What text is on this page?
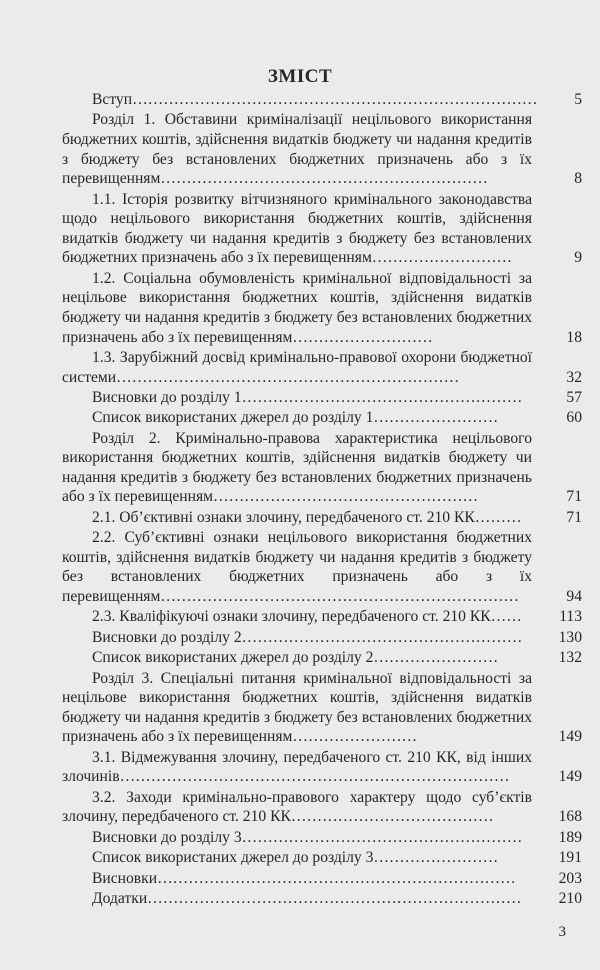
ЗМІСТ
Вступ……………………………………………………………………	5
Розділ 1. Обставини криміналізації нецільового використання бюджетних коштів, здійснення видатків бюджету чи надання кредитів з бюджету без встановлених бюджетних призначень або з їх перевищенням………………………………………………………	8
1.1. Історія розвитку вітчизняного кримінального законодавства щодо нецільового використання бюджетних коштів, здійснення видатків бюджету чи надання кредитів з бюджету без встановлених бюджетних призначень або з їх перевищенням………………………	9
1.2. Соціальна обумовленість кримінальної відповідальності за нецільове використання бюджетних коштів, здійснення видатків бюджету чи надання кредитів з бюджету без встановлених бюджетних призначень або з їх перевищенням………………………	18
1.3. Зарубіжний досвід кримінально-правової охорони бюджетної системи…………………………………………………………	32
Висновки до розділу 1………………………………………………	57
Список використаних джерел до розділу 1……………………	60
Розділ 2. Кримінально-правова характеристика нецільового використання бюджетних коштів, здійснення видатків бюджету чи надання кредитів з бюджету без встановлених бюджетних призначень або з їх перевищенням……………………………………………	71
2.1. Об’єктивні ознаки злочину, передбаченого ст. 210 КК………	71
2.2. Суб’єктивні ознаки нецільового використання бюджетних коштів, здійснення видатків бюджету чи надання кредитів з бюджету без встановлених бюджетних призначень або з їх перевищенням……………………………………………………………	94
2.3. Кваліфікуючі ознаки злочину, передбаченого ст. 210 КК……	113
Висновки до розділу 2………………………………………………	130
Список використаних джерел до розділу 2……………………	132
Розділ 3. Спеціальні питання кримінальної відповідальності за нецільове використання бюджетних коштів, здійснення видатків бюджету чи надання кредитів з бюджету без встановлених бюджетних призначень або з їх перевищенням……………………	149
3.1. Відмежування злочину, передбаченого ст. 210 КК, від інших злочинів…………………………………………………………………	149
3.2. Заходи кримінально-правового характеру щодо суб’єктів злочину, передбаченого ст. 210 КК…………………………………	168
Висновки до розділу 3………………………………………………	189
Список використаних джерел до розділу 3……………………	191
Висновки……………………………………………………………	203
Додатки………………………………………………………………	210
3
